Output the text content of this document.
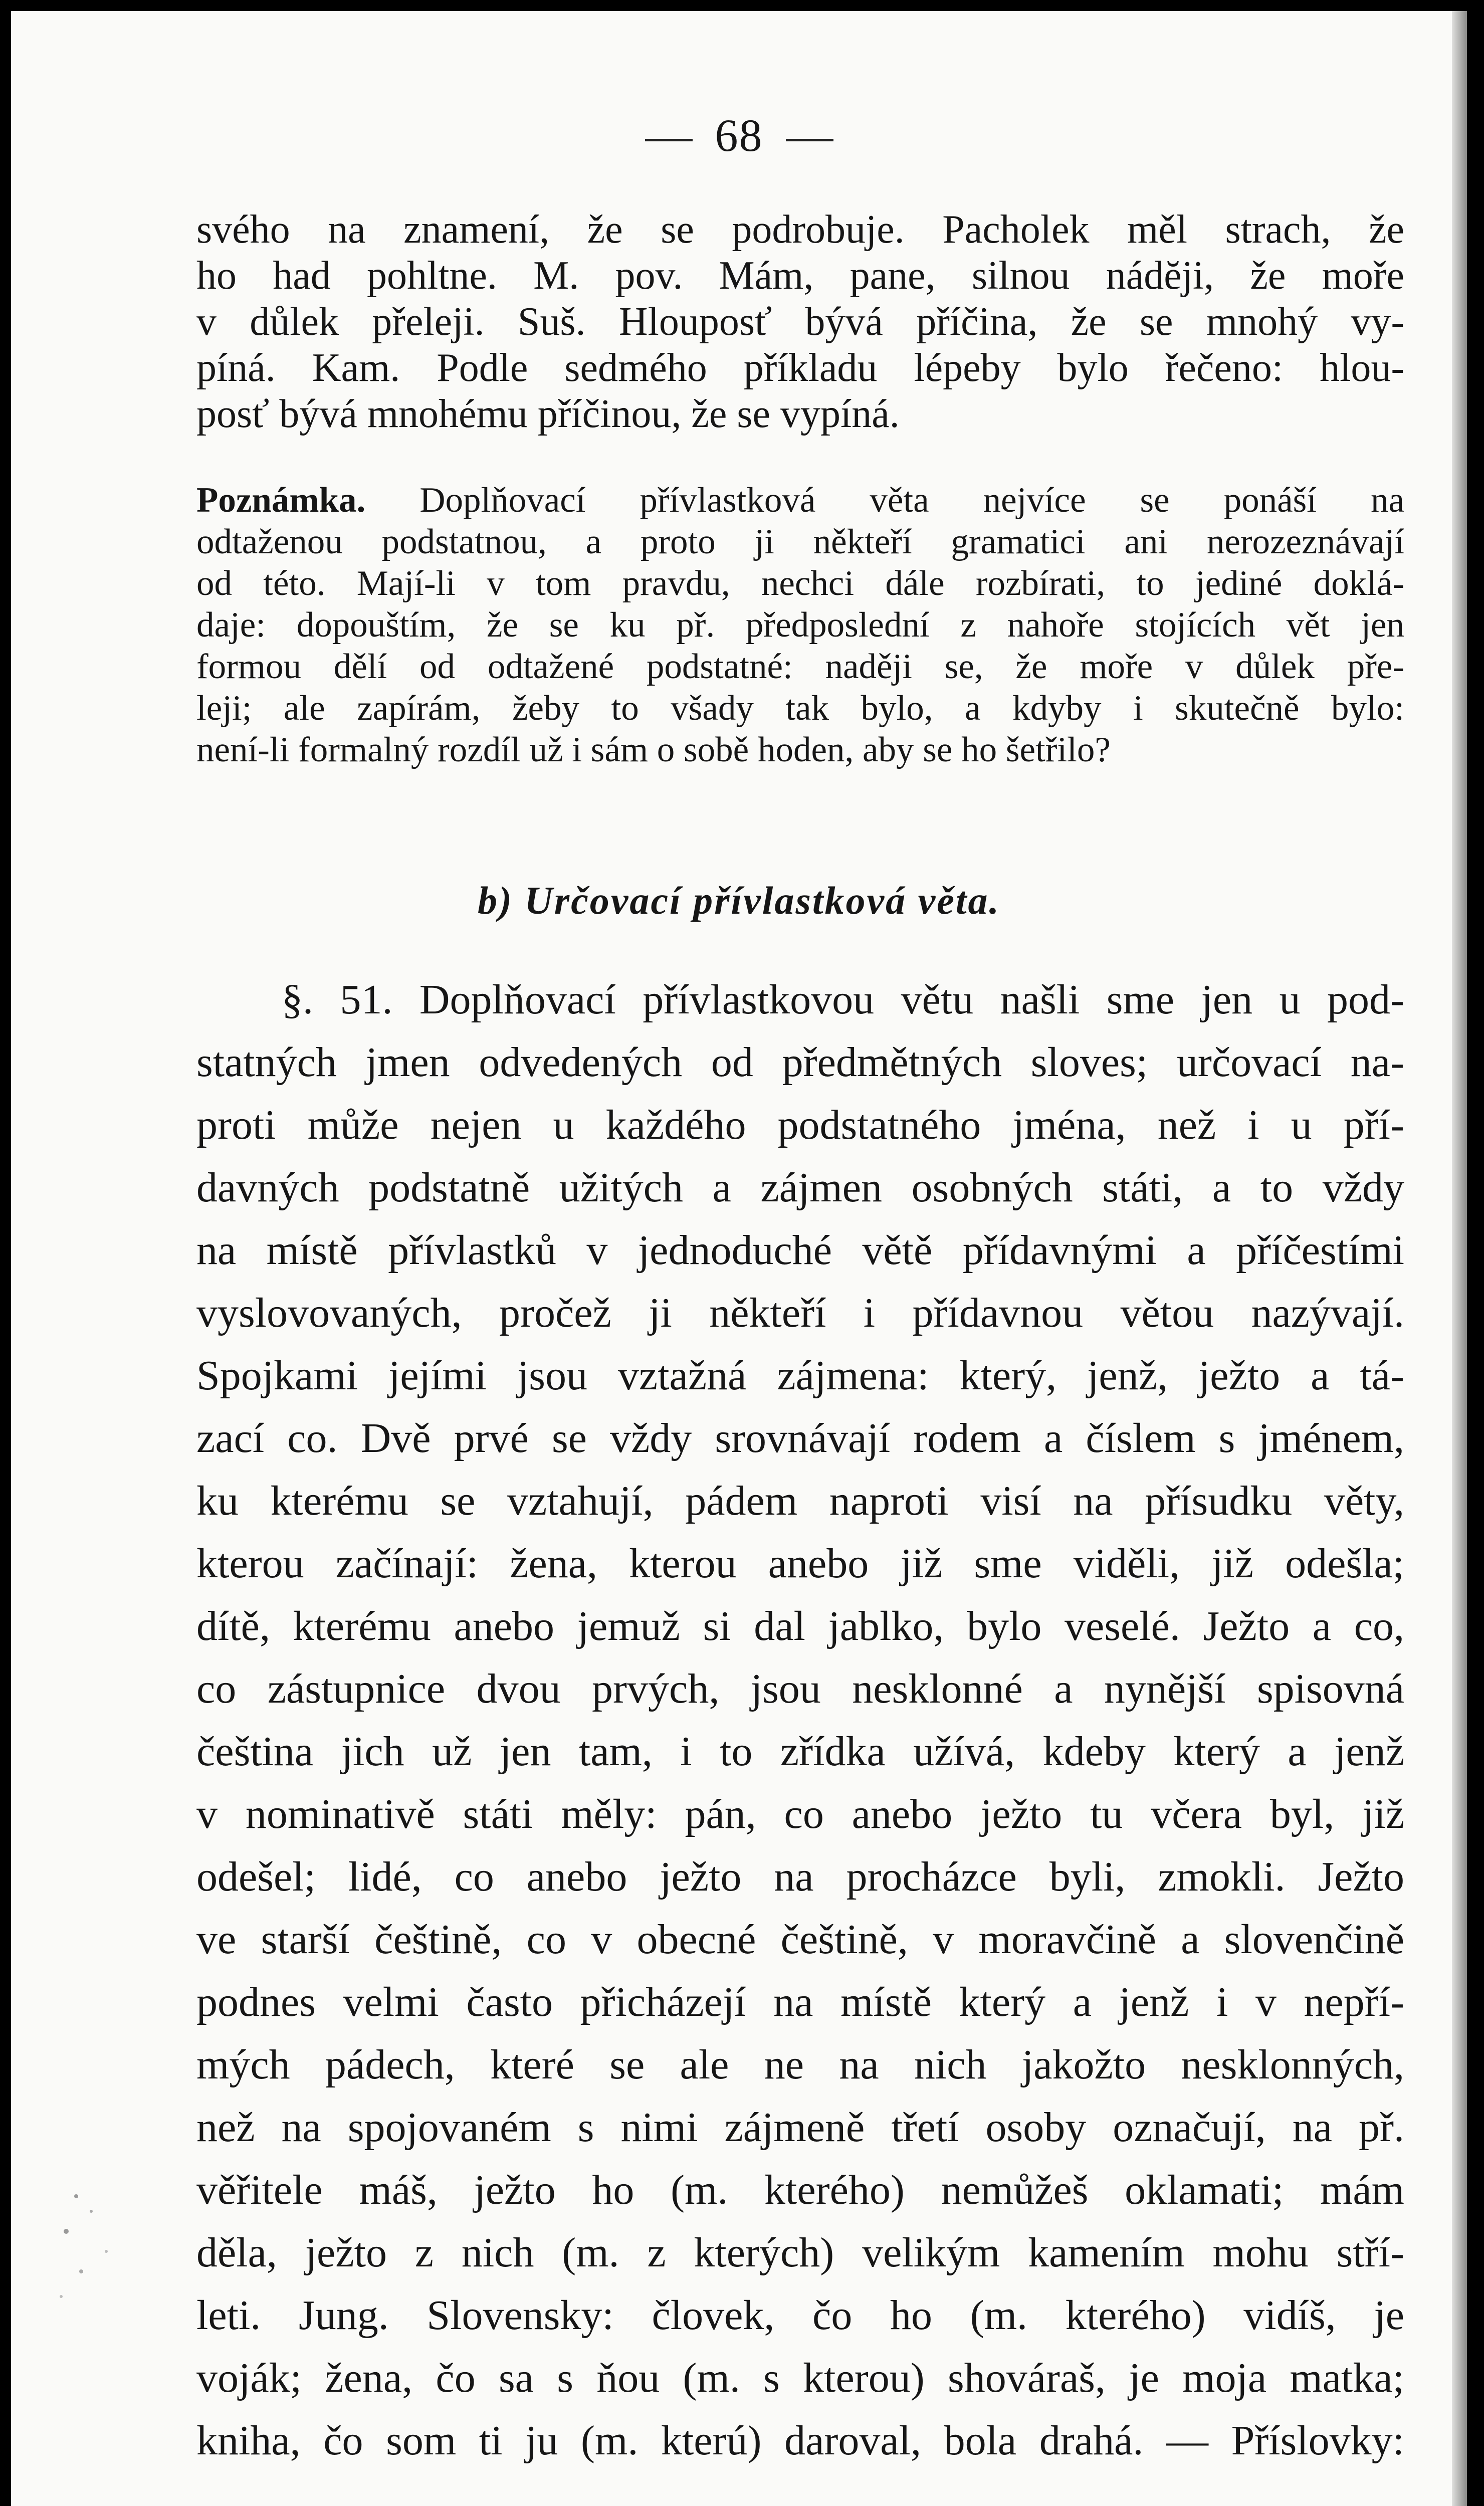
68
svého na znamení, že se podrobuje. Pacholek měl strach, že
ho had pohltne. M. pov. Mám, pane, silnou nádĕji, že moře
v důlek přeleji. Suš. Hlouposť bývá příčina, že se mnohý vy-
píná. Kam. Podle sedmého příkladu lépeby bylo řečeno: hlou-
posť bývá mnohému příčinou, že se vypíná.
Poznámka. Doplňovací přívlastková věta nejvíce se ponáší na
odtaženou podstatnou, a proto ji někteří gramatici ani nerozeznávají
od této. Mají-li v tom pravdu, nechci dále rozbírati, to jediné doklá-
daje: dopouštím, že se ku př. předposlední z nahoře stojících vět jen
formou dělí od odtažené podstatné: naději se, že moře v důlek pře-
leji; ale zapírám, žeby to všady tak bylo, a kdyby i skutečně bylo:
není-li formalný rozdíl už i sám o sobě hoden, aby se ho šetřilo?
b) Určovací přívlastková věta.
§. 51. Doplňovací přívlastkovou větu našli sme jen u pod-
statných jmen odvedených od předmětných sloves; určovací na-
proti může nejen u každého podstatného jména, než i u pří-
davných podstatně užitých a zájmen osobných státi, a to vždy
na místě přívlastků v jednoduché větě přídavnými a příčestími
vyslovovaných, pročež ji někteří i přídavnou větou nazývají.
Spojkami jejími jsou vztažná zájmena: který, jenž, ježto a tá-
zací co. Dvě prvé se vždy srovnávají rodem a číslem s jménem,
ku kterému se vztahují, pádem naproti visí na přísudku věty,
kterou začínají: žena, kterou anebo již sme viděli, již odešla;
dítě, kterému anebo jemuž si dal jablko, bylo veselé. Ježto a co,
co zástupnice dvou prvých, jsou nesklonné a nynější spisovná
čeština jich už jen tam, i to zřídka užívá, kdeby který a jenž
v nominativě státi měly: pán, co anebo ježto tu včera byl, již
odešel; lidé, co anebo ježto na procházce byli, zmokli. Ježto
ve starší češtině, co v obecné češtině, v moravčině a slovenčině
podnes velmi často přicházejí na místě který a jenž i v nepří-
mých pádech, které se ale ne na nich jakožto nesklonných,
než na spojovaném s nimi zájmeně třetí osoby označují, na př.
věřitele máš, ježto ho (m. kterého) nemůžeš oklamati; mám
děla, ježto z nich (m. z kterých) velikým kamením mohu stří-
leti. Jung. Slovensky: človek, čo ho (m. kterého) vidíš, je
voják; žena, čo sa s ňou (m. s kterou) shováraš, je moja matka;
kniha, čo som ti ju (m. kterú) daroval, bola drahá. — Příslovky:
